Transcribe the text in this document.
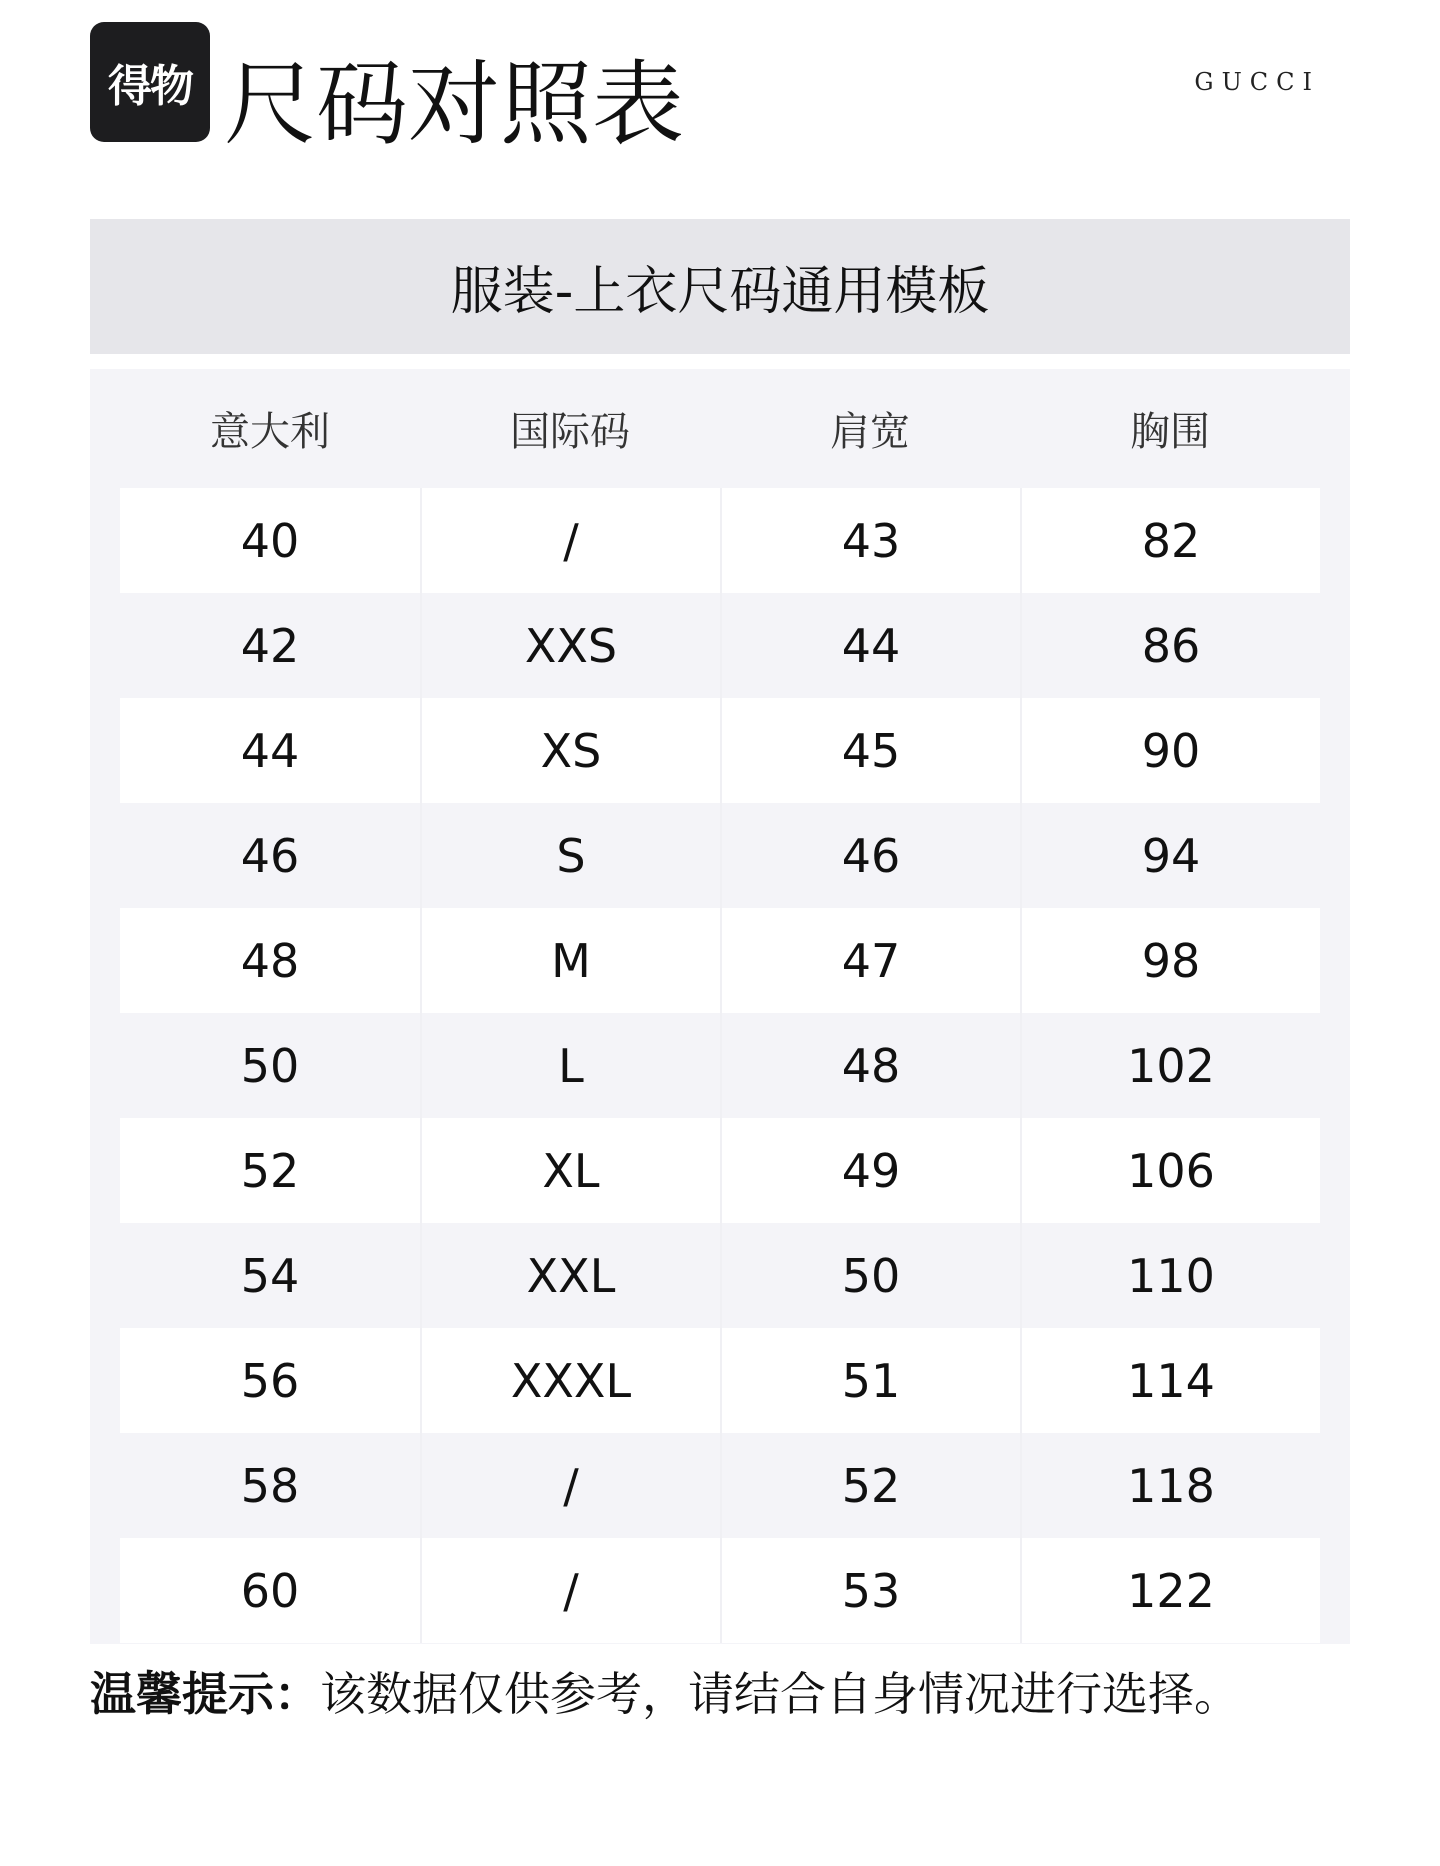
得物 尺码对照表	GUCCI
服装-上衣尺码通用模板
意大利	国际码	肩宽	胸围
40	/	43	82
42	XXS	44	86
44	XS	45	90
46	S	46	94
48	M	47	98
50	L	48	102
52	XL	49	106
54	XXL	50	110
56	XXXL	51	114
58	/	52	118
60	/	53	122
温馨提示：该数据仅供参考，请结合自身情况进行选择。
